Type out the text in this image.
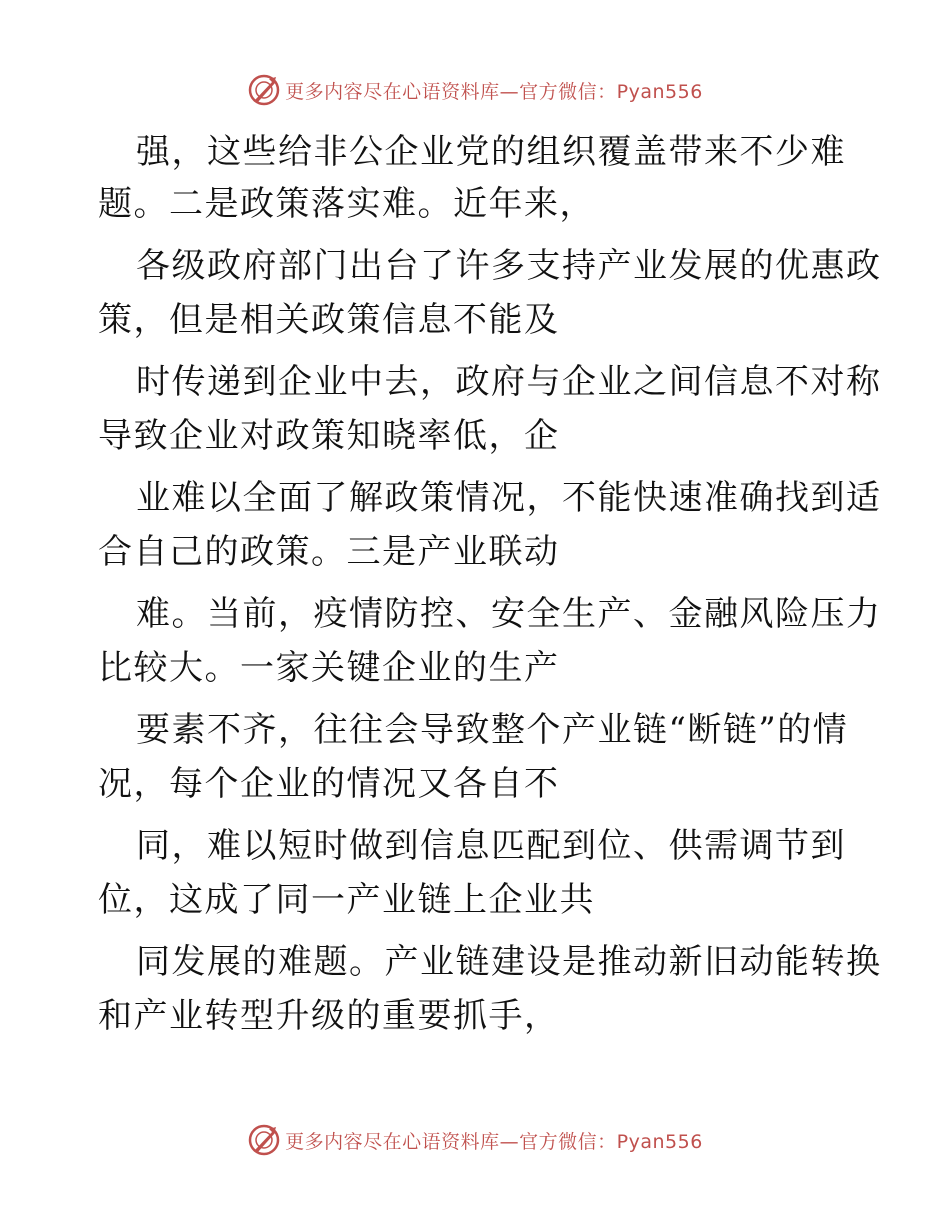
更多内容尽在心语资料库—官方微信：Pyan556
强，这些给非公企业党的组织覆盖带来不少难
题。二是政策落实难。近年来，
各级政府部门出台了许多支持产业发展的优惠政
策，但是相关政策信息不能及
时传递到企业中去，政府与企业之间信息不对称
导致企业对政策知晓率低，企
业难以全面了解政策情况，不能快速准确找到适
合自己的政策。三是产业联动
难。当前，疫情防控、安全生产、金融风险压力
比较大。一家关键企业的生产
要素不齐，往往会导致整个产业链“断链”的情
况，每个企业的情况又各自不
同，难以短时做到信息匹配到位、供需调节到
位，这成了同一产业链上企业共
同发展的难题。产业链建设是推动新旧动能转换
和产业转型升级的重要抓手，
更多内容尽在心语资料库—官方微信：Pyan556
